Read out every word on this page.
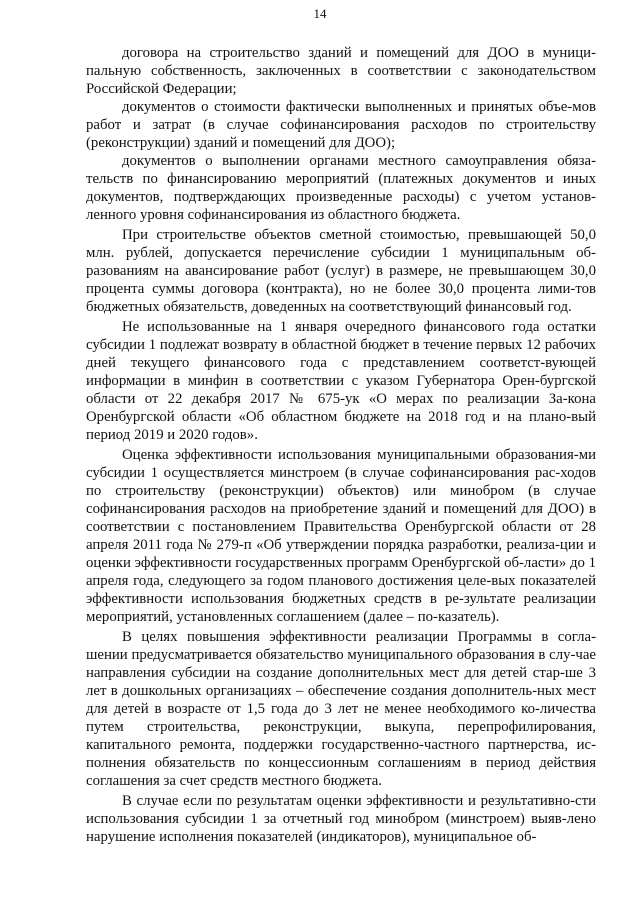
14

договора на строительство зданий и помещений для ДОО в муници-пальную собственность, заключенных в соответствии с законодательством Российской Федерации;

документов о стоимости фактически выполненных и принятых объе-мов работ и затрат (в случае софинансирования расходов по строительству (реконструкции) зданий и помещений для ДОО);

документов о выполнении органами местного самоуправления обяза-тельств по финансированию мероприятий (платежных документов и иных документов, подтверждающих произведенные расходы) с учетом установ-ленного уровня софинансирования из областного бюджета.

При строительстве объектов сметной стоимостью, превышающей 50,0 млн. рублей, допускается перечисление субсидии 1 муниципальным об-разованиям на авансирование работ (услуг) в размере, не превышающем 30,0 процента суммы договора (контракта), но не более 30,0 процента лими-тов бюджетных обязательств, доведенных на соответствующий финансовый год.

Не использованные на 1 января очередного финансового года остатки субсидии 1 подлежат возврату в областной бюджет в течение первых 12 рабочих дней текущего финансового года с представлением соответст-вующей информации в минфин в соответствии с указом Губернатора Орен-бургской области от 22 декабря 2017 № 675-ук «О мерах по реализации За-кона Оренбургской области «Об областном бюджете на 2018 год и на плано-вый период 2019 и 2020 годов».

Оценка эффективности использования муниципальными образования-ми субсидии 1 осуществляется минстроем (в случае софинансирования рас-ходов по строительству (реконструкции) объектов) или минобром (в случае софинансирования расходов на приобретение зданий и помещений для ДОО) в соответствии с постановлением Правительства Оренбургской области от 28 апреля 2011 года № 279-п «Об утверждении порядка разработки, реализа-ции и оценки эффективности государственных программ Оренбургской об-ласти» до 1 апреля года, следующего за годом планового достижения целе-вых показателей эффективности использования бюджетных средств в ре-зультате реализации мероприятий, установленных соглашением (далее – по-казатель).

В целях повышения эффективности реализации Программы в согла-шении предусматривается обязательство муниципального образования в слу-чае направления субсидии на создание дополнительных мест для детей стар-ше 3 лет в дошкольных организациях – обеспечение создания дополнитель-ных мест для детей в возрасте от 1,5 года до 3 лет не менее необходимого ко-личества путем строительства, реконструкции, выкупа, перепрофилирования, капитального ремонта, поддержки государственно-частного партнерства, ис-полнения обязательств по концессионным соглашениям в период действия соглашения за счет средств местного бюджета.

В случае если по результатам оценки эффективности и результативно-сти использования субсидии 1 за отчетный год минобром (минстроем) выяв-лено нарушение исполнения показателей (индикаторов), муниципальное об-
